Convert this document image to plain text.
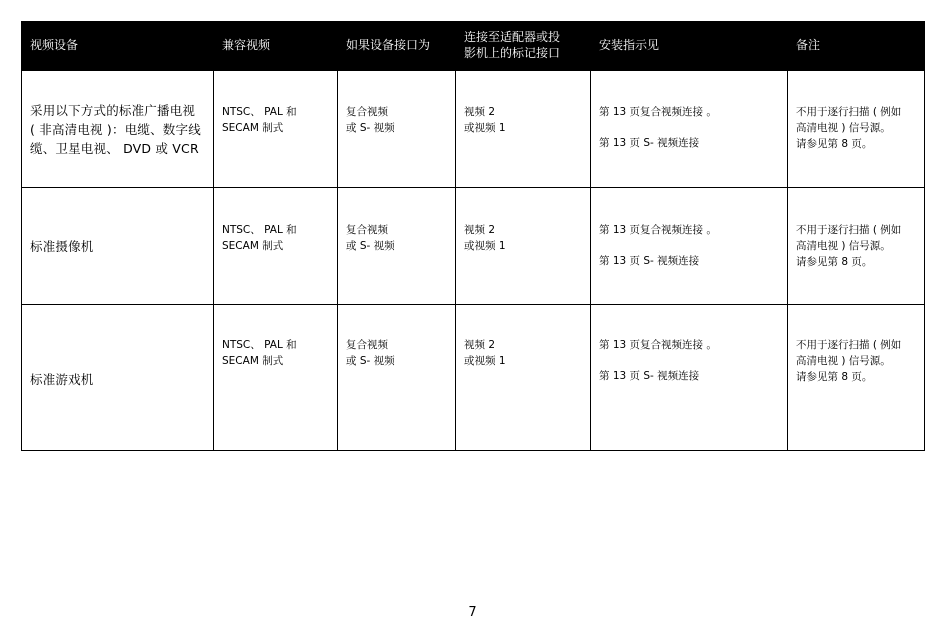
视频设备	兼容视频	如果设备接口为	连接至适配器或投
影机上的标记接口	安装指示见	备注

采用以下方式的标准广播电视
( 非高清电视 )：电缆、数字线
缆、卫星电视、 DVD 或 VCR	NTSC、 PAL 和
SECAM 制式	复合视频
或 S- 视频	视频 2
或视频 1	第 13 页复合视频连接 。
第 13 页 S- 视频连接	不用于逐行扫描 ( 例如
高清电视 ) 信号源。
请参见第 8 页。

标准摄像机	NTSC、 PAL 和
SECAM 制式	复合视频
或 S- 视频	视频 2
或视频 1	第 13 页复合视频连接 。
第 13 页 S- 视频连接	不用于逐行扫描 ( 例如
高清电视 ) 信号源。
请参见第 8 页。

标准游戏机	NTSC、 PAL 和
SECAM 制式	复合视频
或 S- 视频	视频 2
或视频 1	第 13 页复合视频连接 。
第 13 页 S- 视频连接	不用于逐行扫描 ( 例如
高清电视 ) 信号源。
请参见第 8 页。
7
